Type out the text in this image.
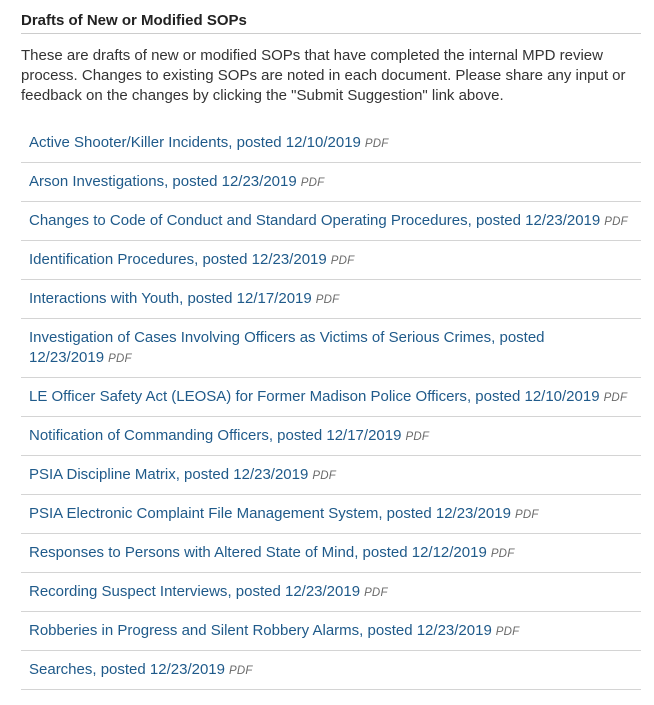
Drafts of New or Modified SOPs

These are drafts of new or modified SOPs that have completed the internal MPD review process. Changes to existing SOPs are noted in each document. Please share any input or feedback on the changes by clicking the "Submit Suggestion" link above.

Active Shooter/Killer Incidents, posted 12/10/2019 PDF
Arson Investigations, posted 12/23/2019 PDF
Changes to Code of Conduct and Standard Operating Procedures, posted 12/23/2019 PDF
Identification Procedures, posted 12/23/2019 PDF
Interactions with Youth, posted 12/17/2019 PDF
Investigation of Cases Involving Officers as Victims of Serious Crimes, posted 12/23/2019 PDF
LE Officer Safety Act (LEOSA) for Former Madison Police Officers, posted 12/10/2019 PDF
Notification of Commanding Officers, posted 12/17/2019 PDF
PSIA Discipline Matrix, posted 12/23/2019 PDF
PSIA Electronic Complaint File Management System, posted 12/23/2019 PDF
Responses to Persons with Altered State of Mind, posted 12/12/2019 PDF
Recording Suspect Interviews, posted 12/23/2019 PDF
Robberies in Progress and Silent Robbery Alarms, posted 12/23/2019 PDF
Searches, posted 12/23/2019 PDF
